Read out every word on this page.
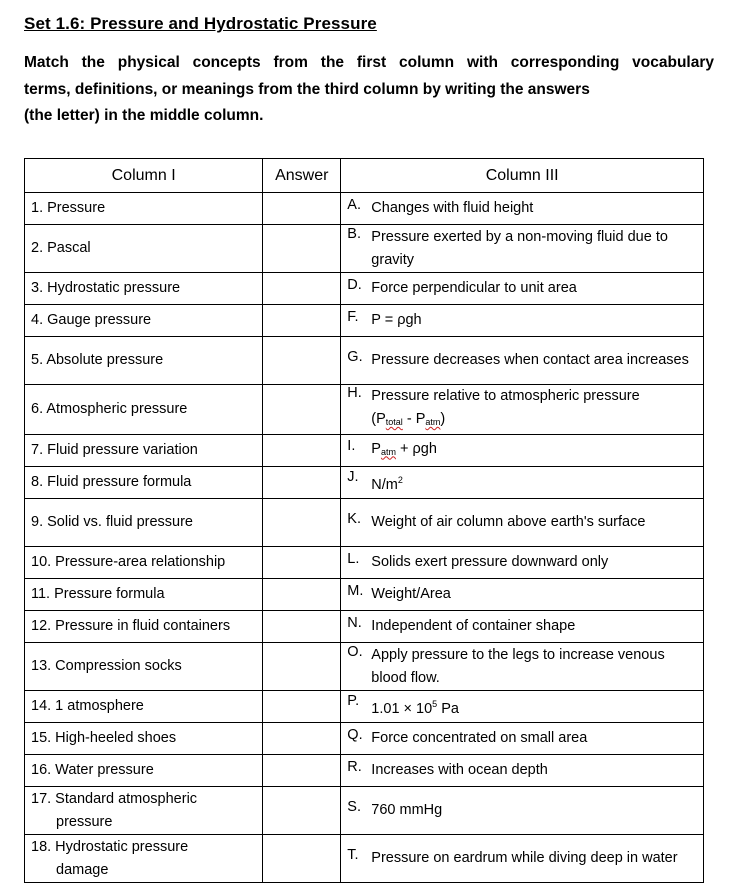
Set 1.6: Pressure and Hydrostatic Pressure
Match the physical concepts from the first column with corresponding vocabulary
terms, definitions, or meanings from the third column by writing the answers
(the letter) in the middle column.
Column I	Answer	Column III

1. Pressure		A. Changes with fluid height

2. Pascal		B. Pressure exerted by a non-moving fluid due to gravity

3. Hydrostatic pressure		D. Force perpendicular to unit area

4. Gauge pressure		F. P = ρgh

5. Absolute pressure		G. Pressure decreases when contact area increases

6. Atmospheric pressure		H. Pressure relative to atmospheric pressure
$(P_{total} - P_{atm})$

7. Fluid pressure variation		I. $P_{atm} + \rho gh$

8. Fluid pressure formula		J. $N/m^2$

9. Solid vs. fluid pressure		K. Weight of air column above earth's surface

10. Pressure-area relationship		L. Solids exert pressure downward only

11. Pressure formula		M. Weight/Area

12. Pressure in fluid containers		N. Independent of container shape

13. Compression socks		O. Apply pressure to the legs to increase venous blood flow.

14. 1 atmosphere		P. $1.01 \times 10^5$ Pa

15. High-heeled shoes		Q. Force concentrated on small area

16. Water pressure		R. Increases with ocean depth

17. Standard atmospheric
pressure		S. 760 mmHg

18. Hydrostatic pressure
damage		T. Pressure on eardrum while diving deep in water
